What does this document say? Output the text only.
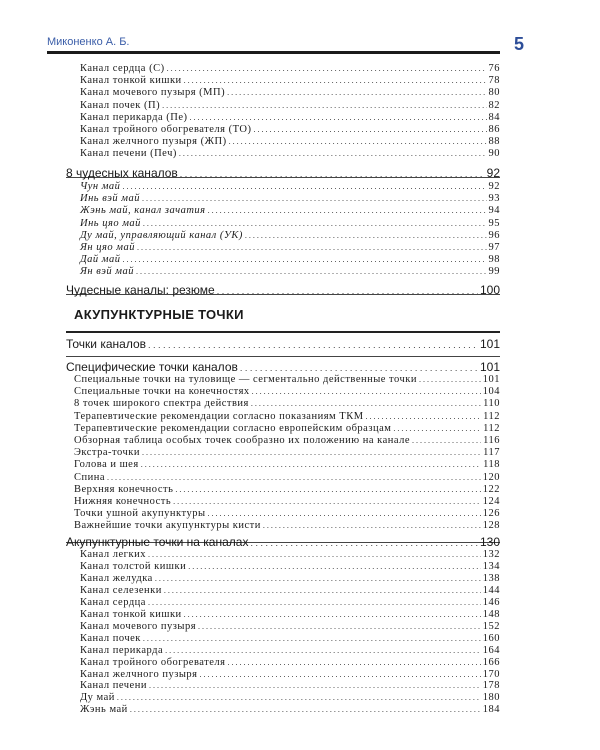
Миконенко А. Б.	5
АКУПУНКТУРНЫЕ ТОЧКИ
Канал сердца (С) . . .	76
Канал тонкой кишки . . .	78
Канал мочевого пузыря (МП) . . .	80
Канал почек (П) . . .	82
Канал перикарда (Пе) . . .	84
Канал тройного обогревателя (ТО) . . .	86
Канал желчного пузыря (ЖП) . . .	88
Канал печени (Печ) . . .	90
8 чудесных каналов . . .	92
Чун май . . .	92
Инь вэй май . . .	93
Жэнь май, канал зачатия . . .	94
Инь цяо май . . .	95
Ду май, управляющий канал (УК) . . .	96
Ян цяо май . . .	97
Дай май . . .	98
Ян вэй май . . .	99
Чудесные каналы: резюме . . .	100
Точки каналов . . .	101
Специфические точки каналов . . .	101
Специальные точки на туловище — сегментально действенные точки . . .	101
Специальные точки на конечностях . . .	104
8 точек широкого спектра действия . . .	110
Терапевтические рекомендации согласно показаниям ТКМ . . .	112
Терапевтические рекомендации согласно европейским образцам . . .	112
Обзорная таблица особых точек сообразно их положению на канале . . .	116
Экстра-точки . . .	117
Голова и шея . . .	118
Спина . . .	120
Верхняя конечность . . .	122
Нижняя конечность . . .	124
Точки ушной акупунктуры . . .	126
Важнейшие точки акупунктуры кисти . . .	128
Акупунктурные точки на каналах . . .	130
Канал легких . . .	132
Канал толстой кишки . . .	134
Канал желудка . . .	138
Канал селезенки . . .	144
Канал сердца . . .	146
Канал тонкой кишки . . .	148
Канал мочевого пузыря . . .	152
Канал почек . . .	160
Канал перикарда . . .	164
Канал тройного обогревателя . . .	166
Канал желчного пузыря . . .	170
Канал печени . . .	178
Ду май . . .	180
Жэнь май . . .	184
